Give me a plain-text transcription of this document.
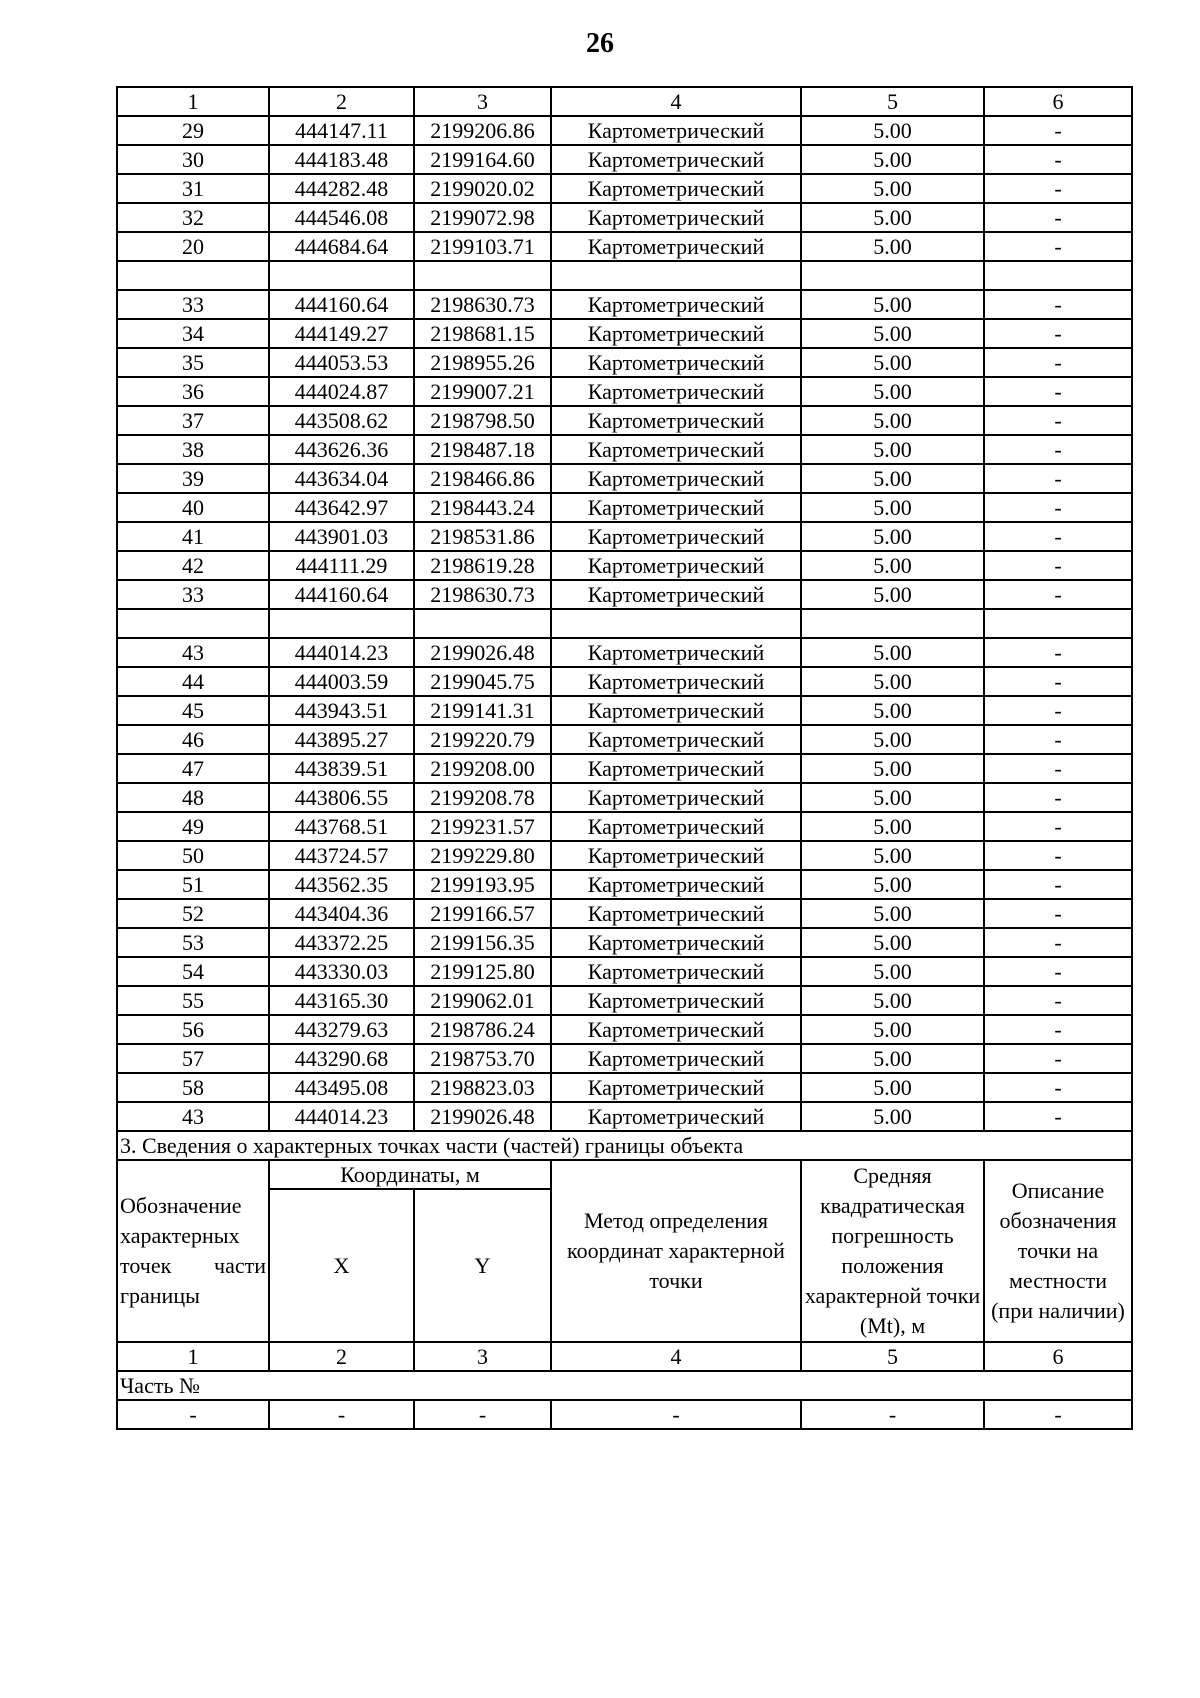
26
1	2	3	4	5	6
29	444147.11	2199206.86	Картометрический	5.00	-
30	444183.48	2199164.60	Картометрический	5.00	-
31	444282.48	2199020.02	Картометрический	5.00	-
32	444546.08	2199072.98	Картометрический	5.00	-
20	444684.64	2199103.71	Картометрический	5.00	-

33	444160.64	2198630.73	Картометрический	5.00	-
34	444149.27	2198681.15	Картометрический	5.00	-
35	444053.53	2198955.26	Картометрический	5.00	-
36	444024.87	2199007.21	Картометрический	5.00	-
37	443508.62	2198798.50	Картометрический	5.00	-
38	443626.36	2198487.18	Картометрический	5.00	-
39	443634.04	2198466.86	Картометрический	5.00	-
40	443642.97	2198443.24	Картометрический	5.00	-
41	443901.03	2198531.86	Картометрический	5.00	-
42	444111.29	2198619.28	Картометрический	5.00	-
33	444160.64	2198630.73	Картометрический	5.00	-

43	444014.23	2199026.48	Картометрический	5.00	-
44	444003.59	2199045.75	Картометрический	5.00	-
45	443943.51	2199141.31	Картометрический	5.00	-
46	443895.27	2199220.79	Картометрический	5.00	-
47	443839.51	2199208.00	Картометрический	5.00	-
48	443806.55	2199208.78	Картометрический	5.00	-
49	443768.51	2199231.57	Картометрический	5.00	-
50	443724.57	2199229.80	Картометрический	5.00	-
51	443562.35	2199193.95	Картометрический	5.00	-
52	443404.36	2199166.57	Картометрический	5.00	-
53	443372.25	2199156.35	Картометрический	5.00	-
54	443330.03	2199125.80	Картометрический	5.00	-
55	443165.30	2199062.01	Картометрический	5.00	-
56	443279.63	2198786.24	Картометрический	5.00	-
57	443290.68	2198753.70	Картометрический	5.00	-
58	443495.08	2198823.03	Картометрический	5.00	-
43	444014.23	2199026.48	Картометрический	5.00	-
3. Сведения о характерных точках части (частей) границы объекта					
Обозначение характерных точек части границы	Координаты, м		Метод определения координат характерной точки	Средняя квадратическая погрешность положения характерной точки (Mt), м	Описание обозначения точки на местности (при наличии)
	X	Y			
1	2	3	4	5	6
Часть №					
-	-	-	-	-	-
